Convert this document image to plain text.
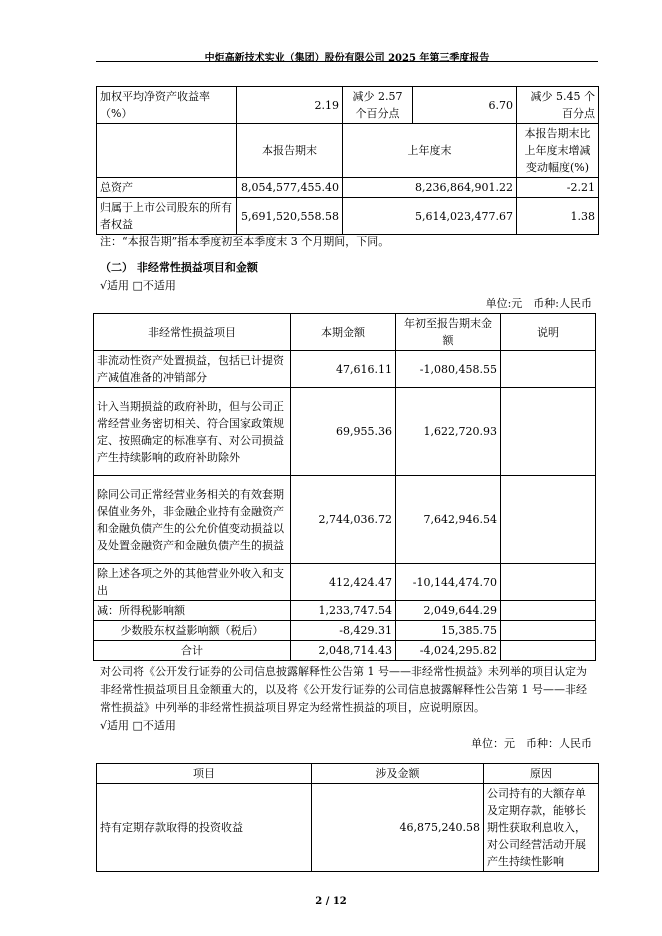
中炬高新技术实业（集团）股份有限公司 2025 年第三季度报告
加权平均净资产收益率（%）	2.19	减少 2.57 个百分点	6.70	减少 5.45 个百分点
	本报告期末	上年度末		本报告期末比上年度末增减变动幅度(%)
总资产	8,054,577,455.40	8,236,864,901.22		-2.21
归属于上市公司股东的所有者权益	5,691,520,558.58	5,614,023,477.67		1.38
注：“本报告期”指本季度初至本季度末 3 个月期间，下同。
（二） 非经常性损益项目和金额
√适用 □不适用
单位:元　币种:人民币
非经常性损益项目	本期金额	年初至报告期末金额	说明
非流动性资产处置损益，包括已计提资产减值准备的冲销部分	47,616.11	-1,080,458.55	
计入当期损益的政府补助，但与公司正常经营业务密切相关、符合国家政策规定、按照确定的标准享有、对公司损益产生持续影响的政府补助除外	69,955.36	1,622,720.93	
除同公司正常经营业务相关的有效套期保值业务外，非金融企业持有金融资产和金融负债产生的公允价值变动损益以及处置金融资产和金融负债产生的损益	2,744,036.72	7,642,946.54	
除上述各项之外的其他营业外收入和支出	412,424.47	-10,144,474.70	
减：所得税影响额	1,233,747.54	2,049,644.29	
少数股东权益影响额（税后）	-8,429.31	15,385.75	
合计	2,048,714.43	-4,024,295.82	
对公司将《公开发行证券的公司信息披露解释性公告第 1 号——非经常性损益》未列举的项目认定为非经常性损益项目且金额重大的，以及将《公开发行证券的公司信息披露解释性公告第 1 号——非经常性损益》中列举的非经常性损益项目界定为经常性损益的项目，应说明原因。
√适用 □不适用
单位：元　币种：人民币
项目	涉及金额	原因
持有定期存款取得的投资收益	46,875,240.58	公司持有的大额存单及定期存款，能够长期性获取利息收入，对公司经营活动开展产生持续性影响
2 / 12
